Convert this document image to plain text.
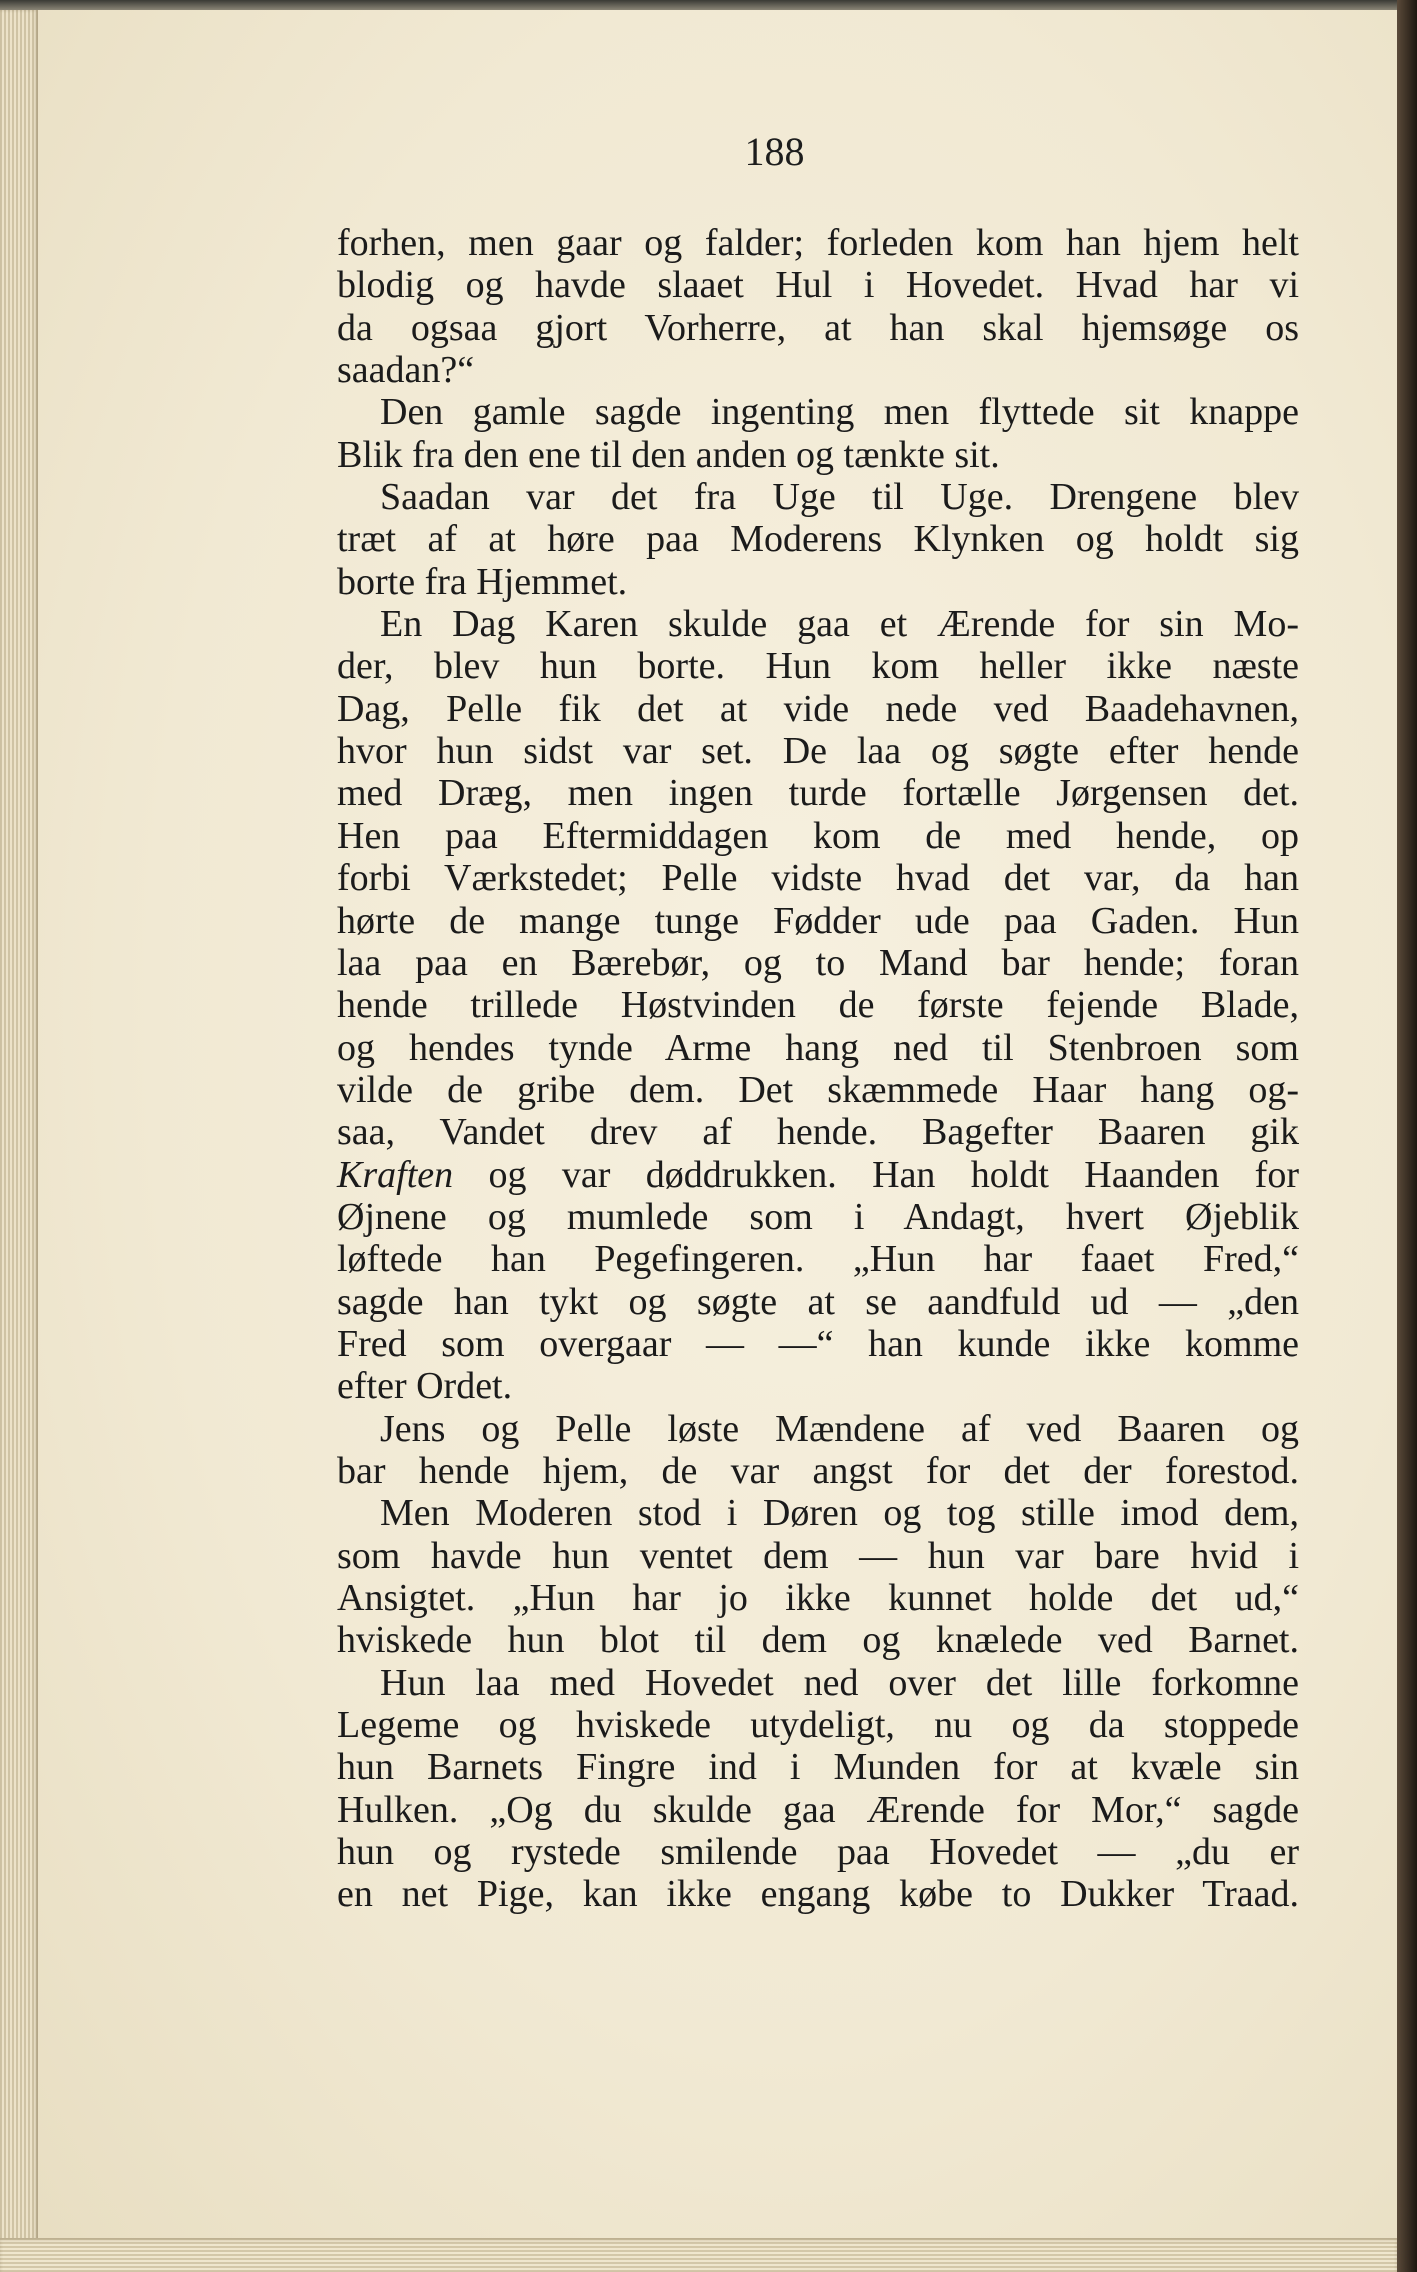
188

forhen, men gaar og falder; forleden kom han hjem helt

blodig og havde slaaet Hul i Hovedet. Hvad har vi

da ogsaa gjort Vorherre, at han skal hjemsøge os

saadan?“

Den gamle sagde ingenting men flyttede sit knappe

Blik fra den ene til den anden og tænkte sit.

Saadan var det fra Uge til Uge. Drengene blev

træt af at høre paa Moderens Klynken og holdt sig

borte fra Hjemmet.

En Dag Karen skulde gaa et Ærende for sin Mo-

der, blev hun borte. Hun kom heller ikke næste

Dag, Pelle fik det at vide nede ved Baadehavnen,

hvor hun sidst var set. De laa og søgte efter hende

med Dræg, men ingen turde fortælle Jørgensen det.

Hen paa Eftermiddagen kom de med hende, op

forbi Værkstedet; Pelle vidste hvad det var, da han

hørte de mange tunge Fødder ude paa Gaden. Hun

laa paa en Bærebør, og to Mand bar hende; foran

hende trillede Høstvinden de første fejende Blade,

og hendes tynde Arme hang ned til Stenbroen som

vilde de gribe dem. Det skæmmede Haar hang og-

saa, Vandet drev af hende. Bagefter Baaren gik

Kraften og var døddrukken. Han holdt Haanden for

Øjnene og mumlede som i Andagt, hvert Øjeblik

løftede han Pegefingeren. „Hun har faaet Fred,“

sagde han tykt og søgte at se aandfuld ud — „den

Fred som overgaar — —“ han kunde ikke komme

efter Ordet.

Jens og Pelle løste Mændene af ved Baaren og

bar hende hjem, de var angst for det der forestod.

Men Moderen stod i Døren og tog stille imod dem,

som havde hun ventet dem — hun var bare hvid i

Ansigtet. „Hun har jo ikke kunnet holde det ud,“

hviskede hun blot til dem og knælede ved Barnet.

Hun laa med Hovedet ned over det lille forkomne

Legeme og hviskede utydeligt, nu og da stoppede

hun Barnets Fingre ind i Munden for at kvæle sin

Hulken. „Og du skulde gaa Ærende for Mor,“ sagde

hun og rystede smilende paa Hovedet — „du er

en net Pige, kan ikke engang købe to Dukker Traad.
